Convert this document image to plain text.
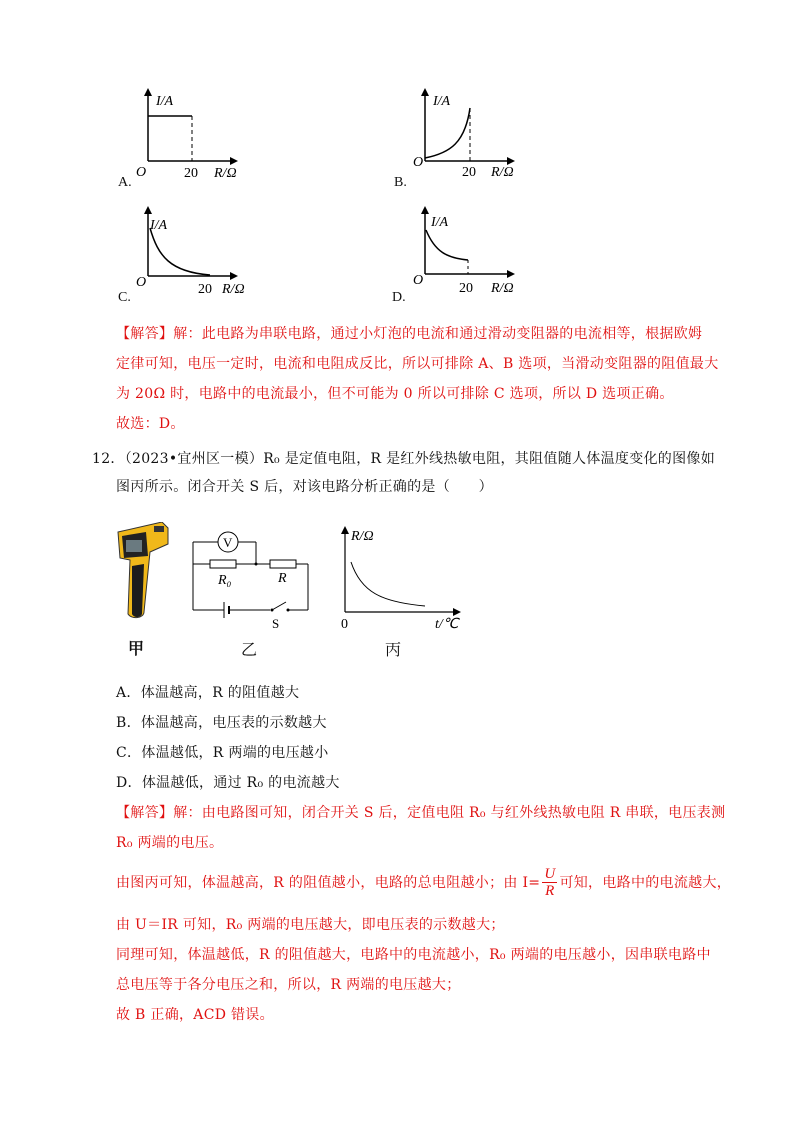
I/A
O	20 R/Ω
A.
I/A
O
20 R/Ω
B.
I/A
O	20 R/Ω
C.
I/A
O
20 R/Ω
D.
【解答】解：此电路为串联电路，通过小灯泡的电流和通过滑动变阻器的电流相等，根据欧姆
定律可知，电压一定时，电流和电阻成反比，所以可排除 A、B 选项，当滑动变阻器的阻值最大
为 20Ω 时，电路中的电流最小，但不可能为 0 所以可排除 C 选项，所以 D 选项正确。
故选：D。
12．（2023•宜州区一模）R₀ 是定值电阻，R 是红外线热敏电阻，其阻值随人体温度变化的图像如
图丙所示。闭合开关 S 后，对该电路分析正确的是（　　）
甲
V
R₀	R
S
乙
R/Ω
0	t/℃
丙
A．体温越高，R 的阻值越大
B．体温越高，电压表的示数越大
C．体温越低，R 两端的电压越小
D．体温越低，通过 R₀ 的电流越大
【解答】解：由电路图可知，闭合开关 S 后，定值电阻 R₀ 与红外线热敏电阻 R 串联，电压表测
R₀ 两端的电压。
由图丙可知，体温越高，R 的阻值越小，电路的总电阻越小；由 $I= \frac{U}{R}$ 可知，电路中的电流越大，
由 U＝IR 可知，R₀ 两端的电压越大，即电压表的示数越大；
同理可知，体温越低，R 的阻值越大，电路中的电流越小，R₀ 两端的电压越小，因串联电路中
总电压等于各分电压之和，所以，R 两端的电压越大；
故 B 正确，ACD 错误。
